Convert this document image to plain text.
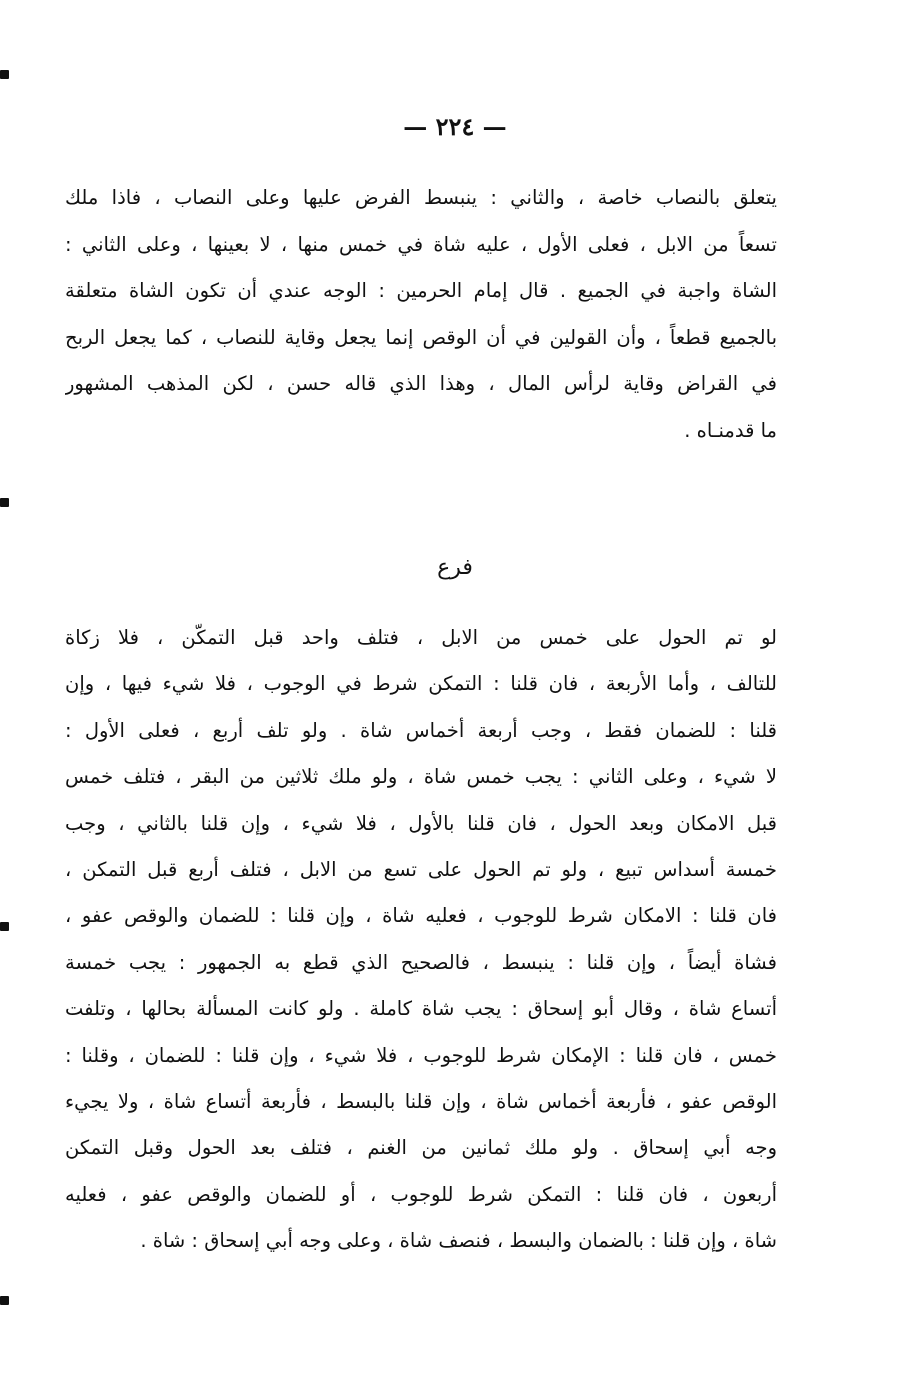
— ٢٢٤ —
يتعلق بالنصاب خاصة ، والثاني : ينبسط الفرض عليها وعلى النصاب ، فاذا ملك
تسعاً من الابل ، فعلى الأول ، عليه شاة في خمس منها ، لا بعينها ، وعلى الثاني :
الشاة واجبة في الجميع . قال إمام الحرمين : الوجه عندي أن تكون الشاة متعلقة
بالجميع قطعاً ، وأن القولين في أن الوقص إنما يجعل وقاية للنصاب ، كما يجعل الربح
في القراض وقاية لرأس المال ، وهذا الذي قاله حسن ، لكن المذهب المشهور
ما قدمنـاه .
فرع
لو تم الحول على خمس من الابل ، فتلف واحد قبل التمكّن ، فلا زكاة
للتالف ، وأما الأربعة ، فان قلنا : التمكن شرط في الوجوب ، فلا شيء فيها ، وإن
قلنا : للضمان فقط ، وجب أربعة أخماس شاة . ولو تلف أربع ، فعلى الأول :
لا شيء ، وعلى الثاني : يجب خمس شاة ، ولو ملك ثلاثين من البقر ، فتلف خمس
قبل الامكان وبعد الحول ، فان قلنا بالأول ، فلا شيء ، وإن قلنا بالثاني ، وجب
خمسة أسداس تبيع ، ولو تم الحول على تسع من الابل ، فتلف أربع قبل التمكن ،
فان قلنا : الامكان شرط للوجوب ، فعليه شاة ، وإن قلنا : للضمان والوقص عفو ،
فشاة أيضاً ، وإن قلنا : ينبسط ، فالصحيح الذي قطع به الجمهور : يجب خمسة
أتساع شاة ، وقال أبو إسحاق : يجب شاة كاملة . ولو كانت المسألة بحالها ، وتلفت
خمس ، فان قلنا : الإمكان شرط للوجوب ، فلا شيء ، وإن قلنا : للضمان ، وقلنا :
الوقص عفو ، فأربعة أخماس شاة ، وإن قلنا بالبسط ، فأربعة أتساع شاة ، ولا يجيء
وجه أبي إسحاق . ولو ملك ثمانين من الغنم ، فتلف بعد الحول وقبل التمكن
أربعون ، فان قلنا : التمكن شرط للوجوب ، أو للضمان والوقص عفو ، فعليه
شاة ، وإن قلنا : بالضمان والبسط ، فنصف شاة ، وعلى وجه أبي إسحاق : شاة .
